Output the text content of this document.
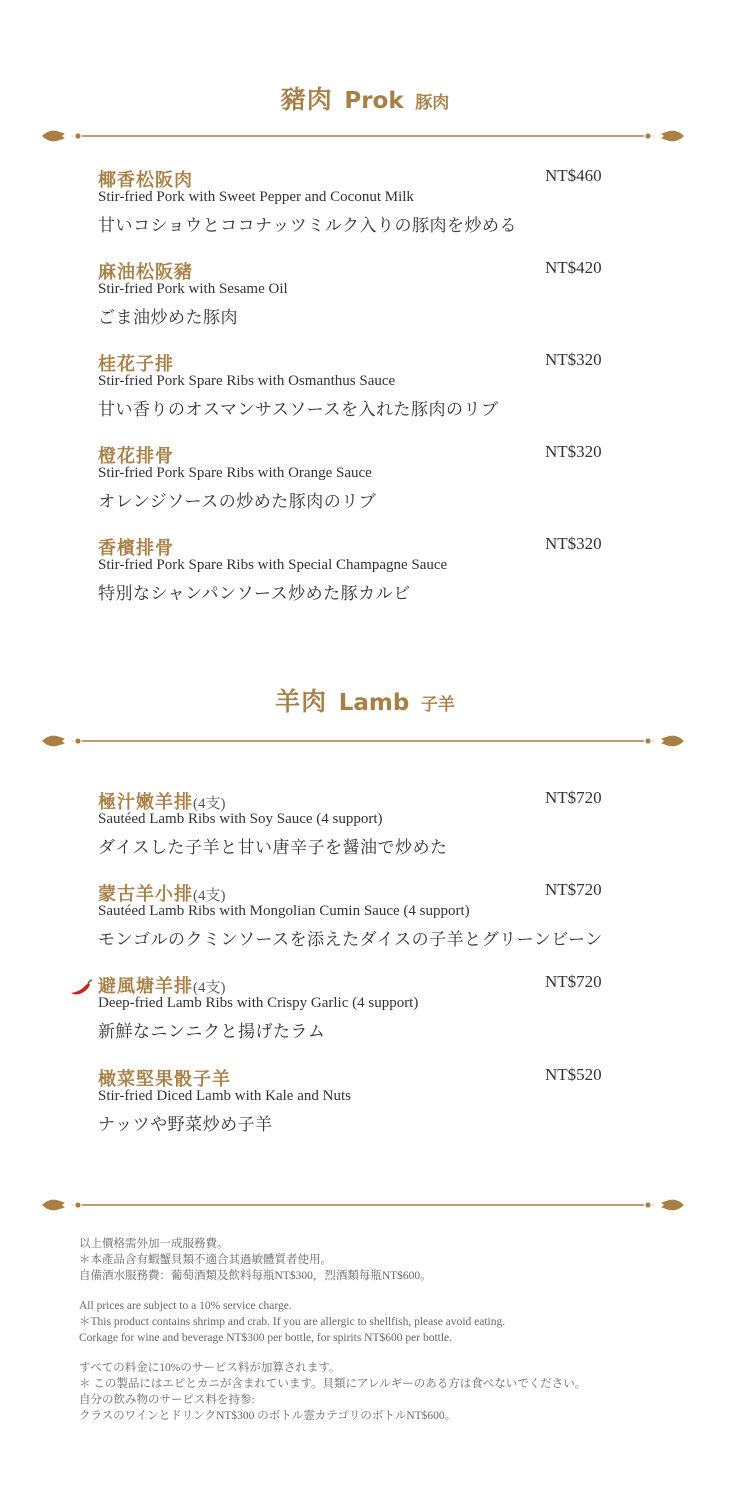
豬肉 Prok 豚肉
椰香松阪肉	NT$460
Stir-fried Pork with Sweet Pepper and Coconut Milk
甘いコショウとココナッツミルク入りの豚肉を炒める
麻油松阪豬	NT$420
Stir-fried Pork with Sesame Oil
ごま油炒めた豚肉
桂花子排	NT$320
Stir-fried Pork Spare Ribs with Osmanthus Sauce
甘い香りのオスマンサスソースを入れた豚肉のリブ
橙花排骨	NT$320
Stir-fried Pork Spare Ribs with Orange Sauce
オレンジソースの炒めた豚肉のリブ
香檳排骨	NT$320
Stir-fried Pork Spare Ribs with Special Champagne Sauce
特別なシャンパンソース炒めた豚カルビ
羊肉 Lamb 子羊
極汁嫩羊排(4支)	NT$720
Sautéed Lamb Ribs with Soy Sauce (4 support)
ダイスした子羊と甘い唐辛子を醤油で炒めた
蒙古羊小排(4支)	NT$720
Sautéed Lamb Ribs with Mongolian Cumin Sauce (4 support)
モンゴルのクミンソースを添えたダイスの子羊とグリーンビーン
避風塘羊排(4支)	NT$720
Deep-fried Lamb Ribs with Crispy Garlic (4 support)
新鮮なニンニクと揚げたラム
橄菜堅果骰子羊	NT$520
Stir-fried Diced Lamb with Kale and Nuts
ナッツや野菜炒め子羊
以上價格需外加一成服務費。
＊本產品含有蝦蟹貝類不適合其過敏體質者使用。
自備酒水服務費：葡萄酒類及飲料每瓶NT$300，烈酒類每瓶NT$600。
All prices are subject to a 10% service charge.
＊This product contains shrimp and crab. If you are allergic to shellfish, please avoid eating.
Corkage for wine and beverage NT$300 per bottle, for spirits NT$600 per bottle.
すべての料金に10%のサービス料が加算されます。
＊ この製品にはエビとカニが含まれています。貝類にアレルギーのある方は食べないでください。
自分の飲み物のサービス料を持参:
クラスのワインとドリンクNT$300 のボトル霊カテゴリのボトルNT$600。
